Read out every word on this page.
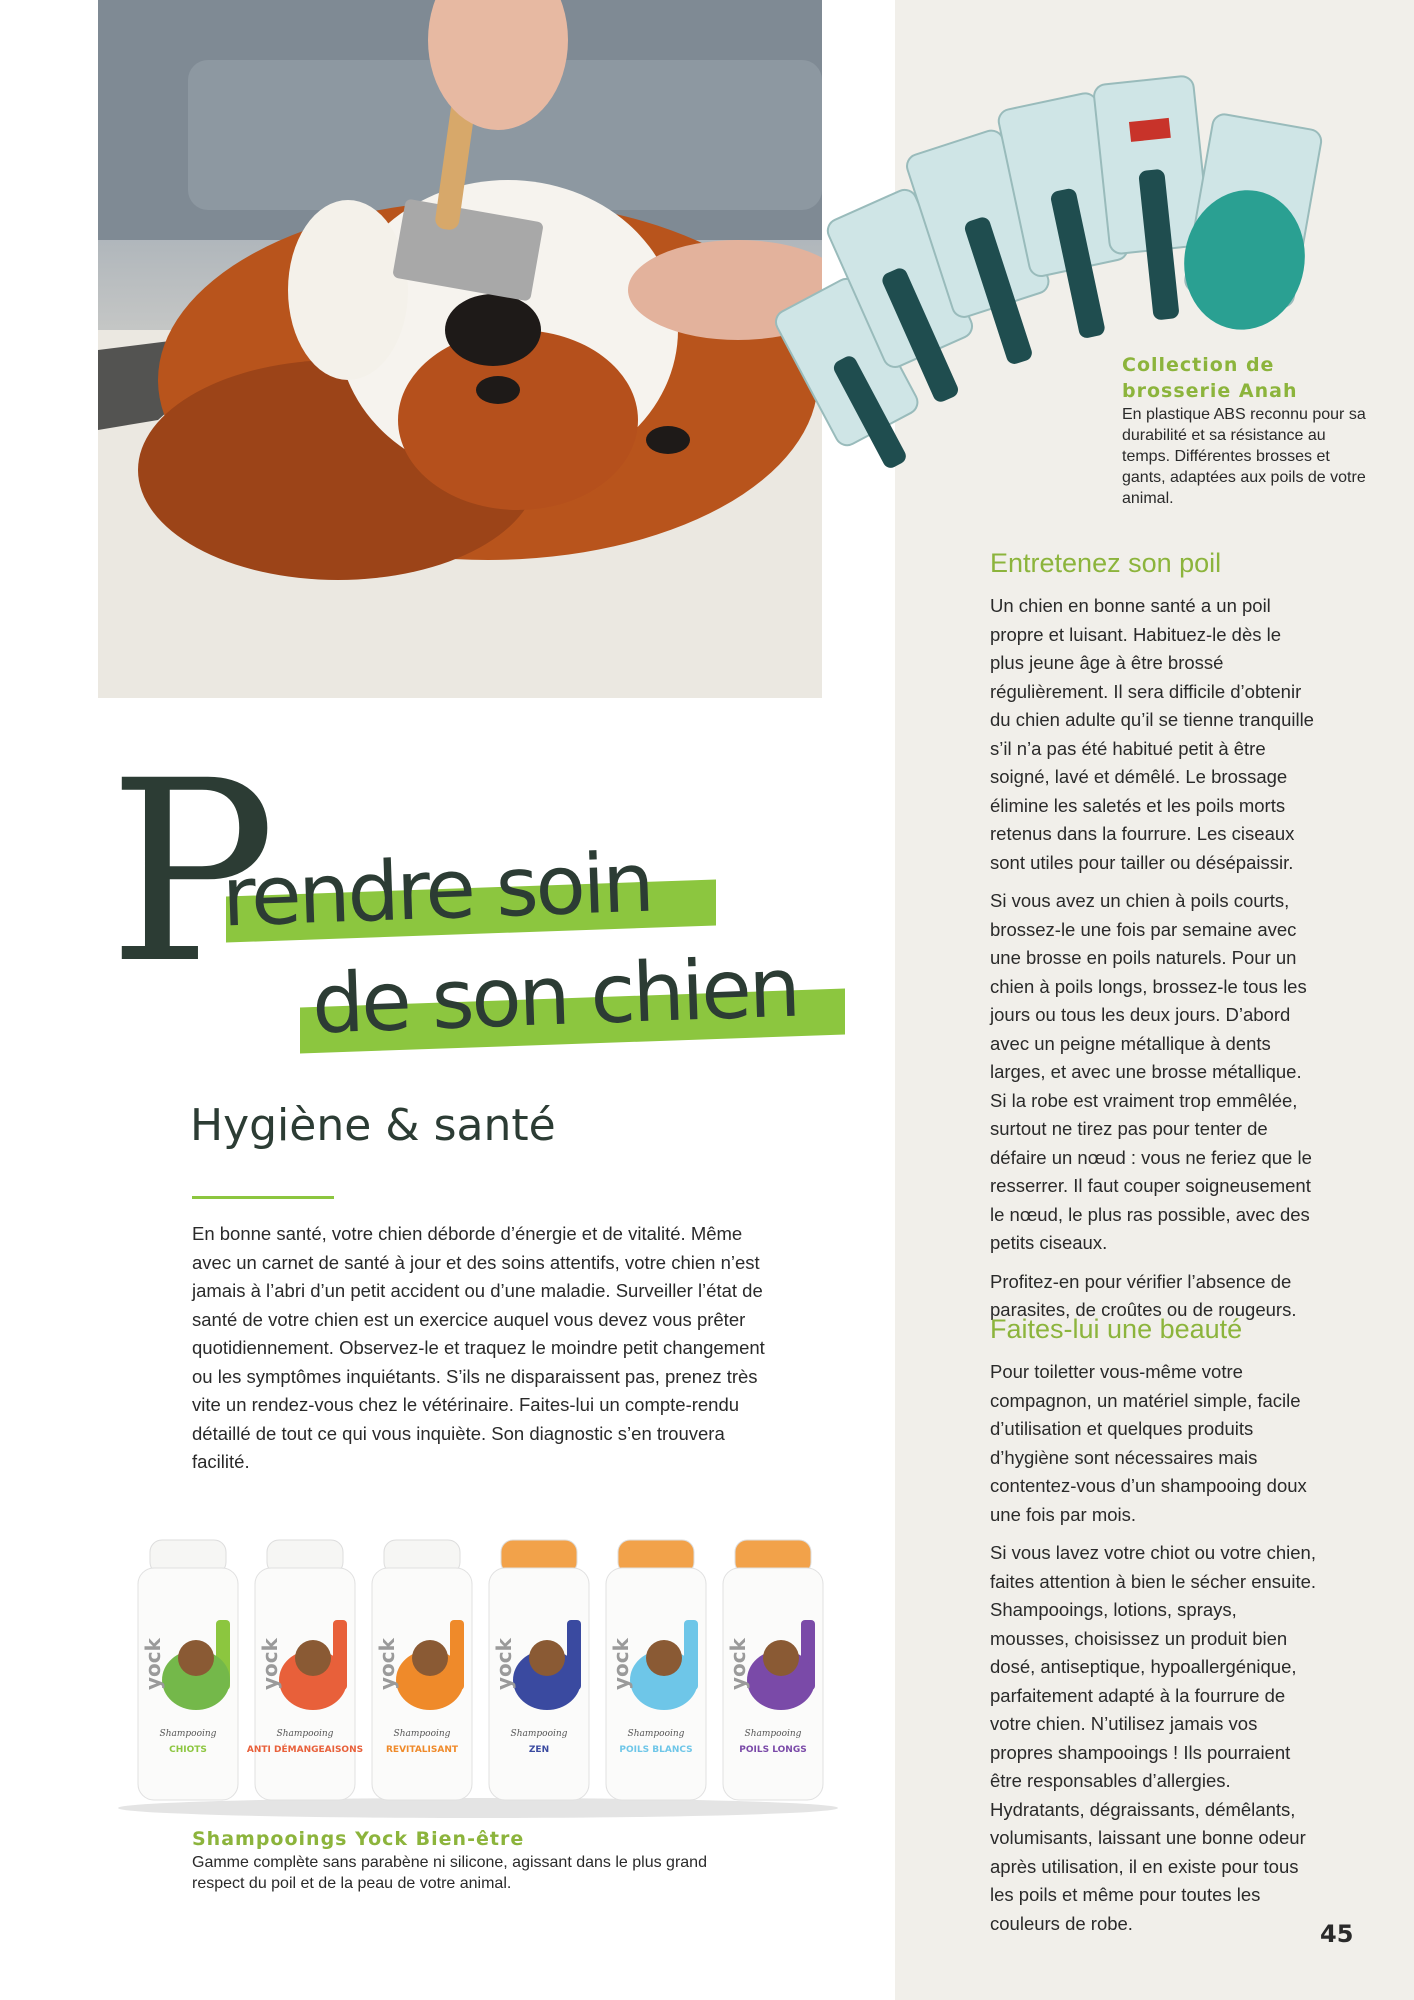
Collection de brosserie Anah
En plastique ABS reconnu pour sa durabilité et sa résistance au temps. Différentes brosses et gants, adaptées aux poils de votre animal.
P
rendre soin
de son chien
Hygiène & santé
En bonne santé, votre chien déborde d’énergie et de vitalité. Même avec un carnet de santé à jour et des soins attentifs, votre chien n’est jamais à l’abri d’un petit accident ou d’une maladie. Surveiller l’état de santé de votre chien est un exercice auquel vous devez vous prêter quotidiennement. Observez-le et traquez le moindre petit changement ou les symptômes inquiétants. S’ils ne disparaissent pas, prenez très vite un rendez-vous chez le vétérinaire. Faites-lui un compte-rendu détaillé de tout ce qui vous inquiète. Son diagnostic s’en trouvera facilité.
yock
Shampooing
CHIOTS
yock
Shampooing
ANTI DÉMANGEAISONS
yock
Shampooing
REVITALISANT
yock
Shampooing
ZEN
yock
Shampooing
POILS BLANCS
yock
Shampooing
POILS LONGS
Shampooings Yock Bien-être
Gamme complète sans parabène ni silicone, agissant dans le plus grand respect du poil et de la peau de votre animal.
Entretenez son poil

Un chien en bonne santé a un poil propre et luisant. Habituez-le dès le plus jeune âge à être brossé régulièrement. Il sera difficile d’obtenir du chien adulte qu’il se tienne tranquille s’il n’a pas été habitué petit à être soigné, lavé et démêlé. Le brossage élimine les saletés et les poils morts retenus dans la fourrure. Les ciseaux sont utiles pour tailler ou désépaissir.

Si vous avez un chien à poils courts, brossez-le une fois par semaine avec une brosse en poils naturels. Pour un chien à poils longs, brossez-le tous les jours ou tous les deux jours. D’abord avec un peigne métallique à dents larges, et avec une brosse métallique. Si la robe est vraiment trop emmêlée, surtout ne tirez pas pour tenter de défaire un nœud : vous ne feriez que le resserrer. Il faut couper soigneusement le nœud, le plus ras possible, avec des petits ciseaux.

Profitez-en pour vérifier l’absence de parasites, de croûtes ou de rougeurs.

Faites-lui une beauté

Pour toiletter vous-même votre compagnon, un matériel simple, facile d’utilisation et quelques produits d’hygiène sont nécessaires mais contentez-vous d’un shampooing doux une fois par mois.

Si vous lavez votre chiot ou votre chien, faites attention à bien le sécher ensuite. Shampooings, lotions, sprays, mousses, choisissez un produit bien dosé, antiseptique, hypoallergénique, parfaitement adapté à la fourrure de votre chien. N’utilisez jamais vos propres shampooings ! Ils pourraient être responsables d’allergies. Hydratants, dégraissants, démêlants, volumisants, laissant une bonne odeur après utilisation, il en existe pour tous les poils et même pour toutes les couleurs de robe.	45
